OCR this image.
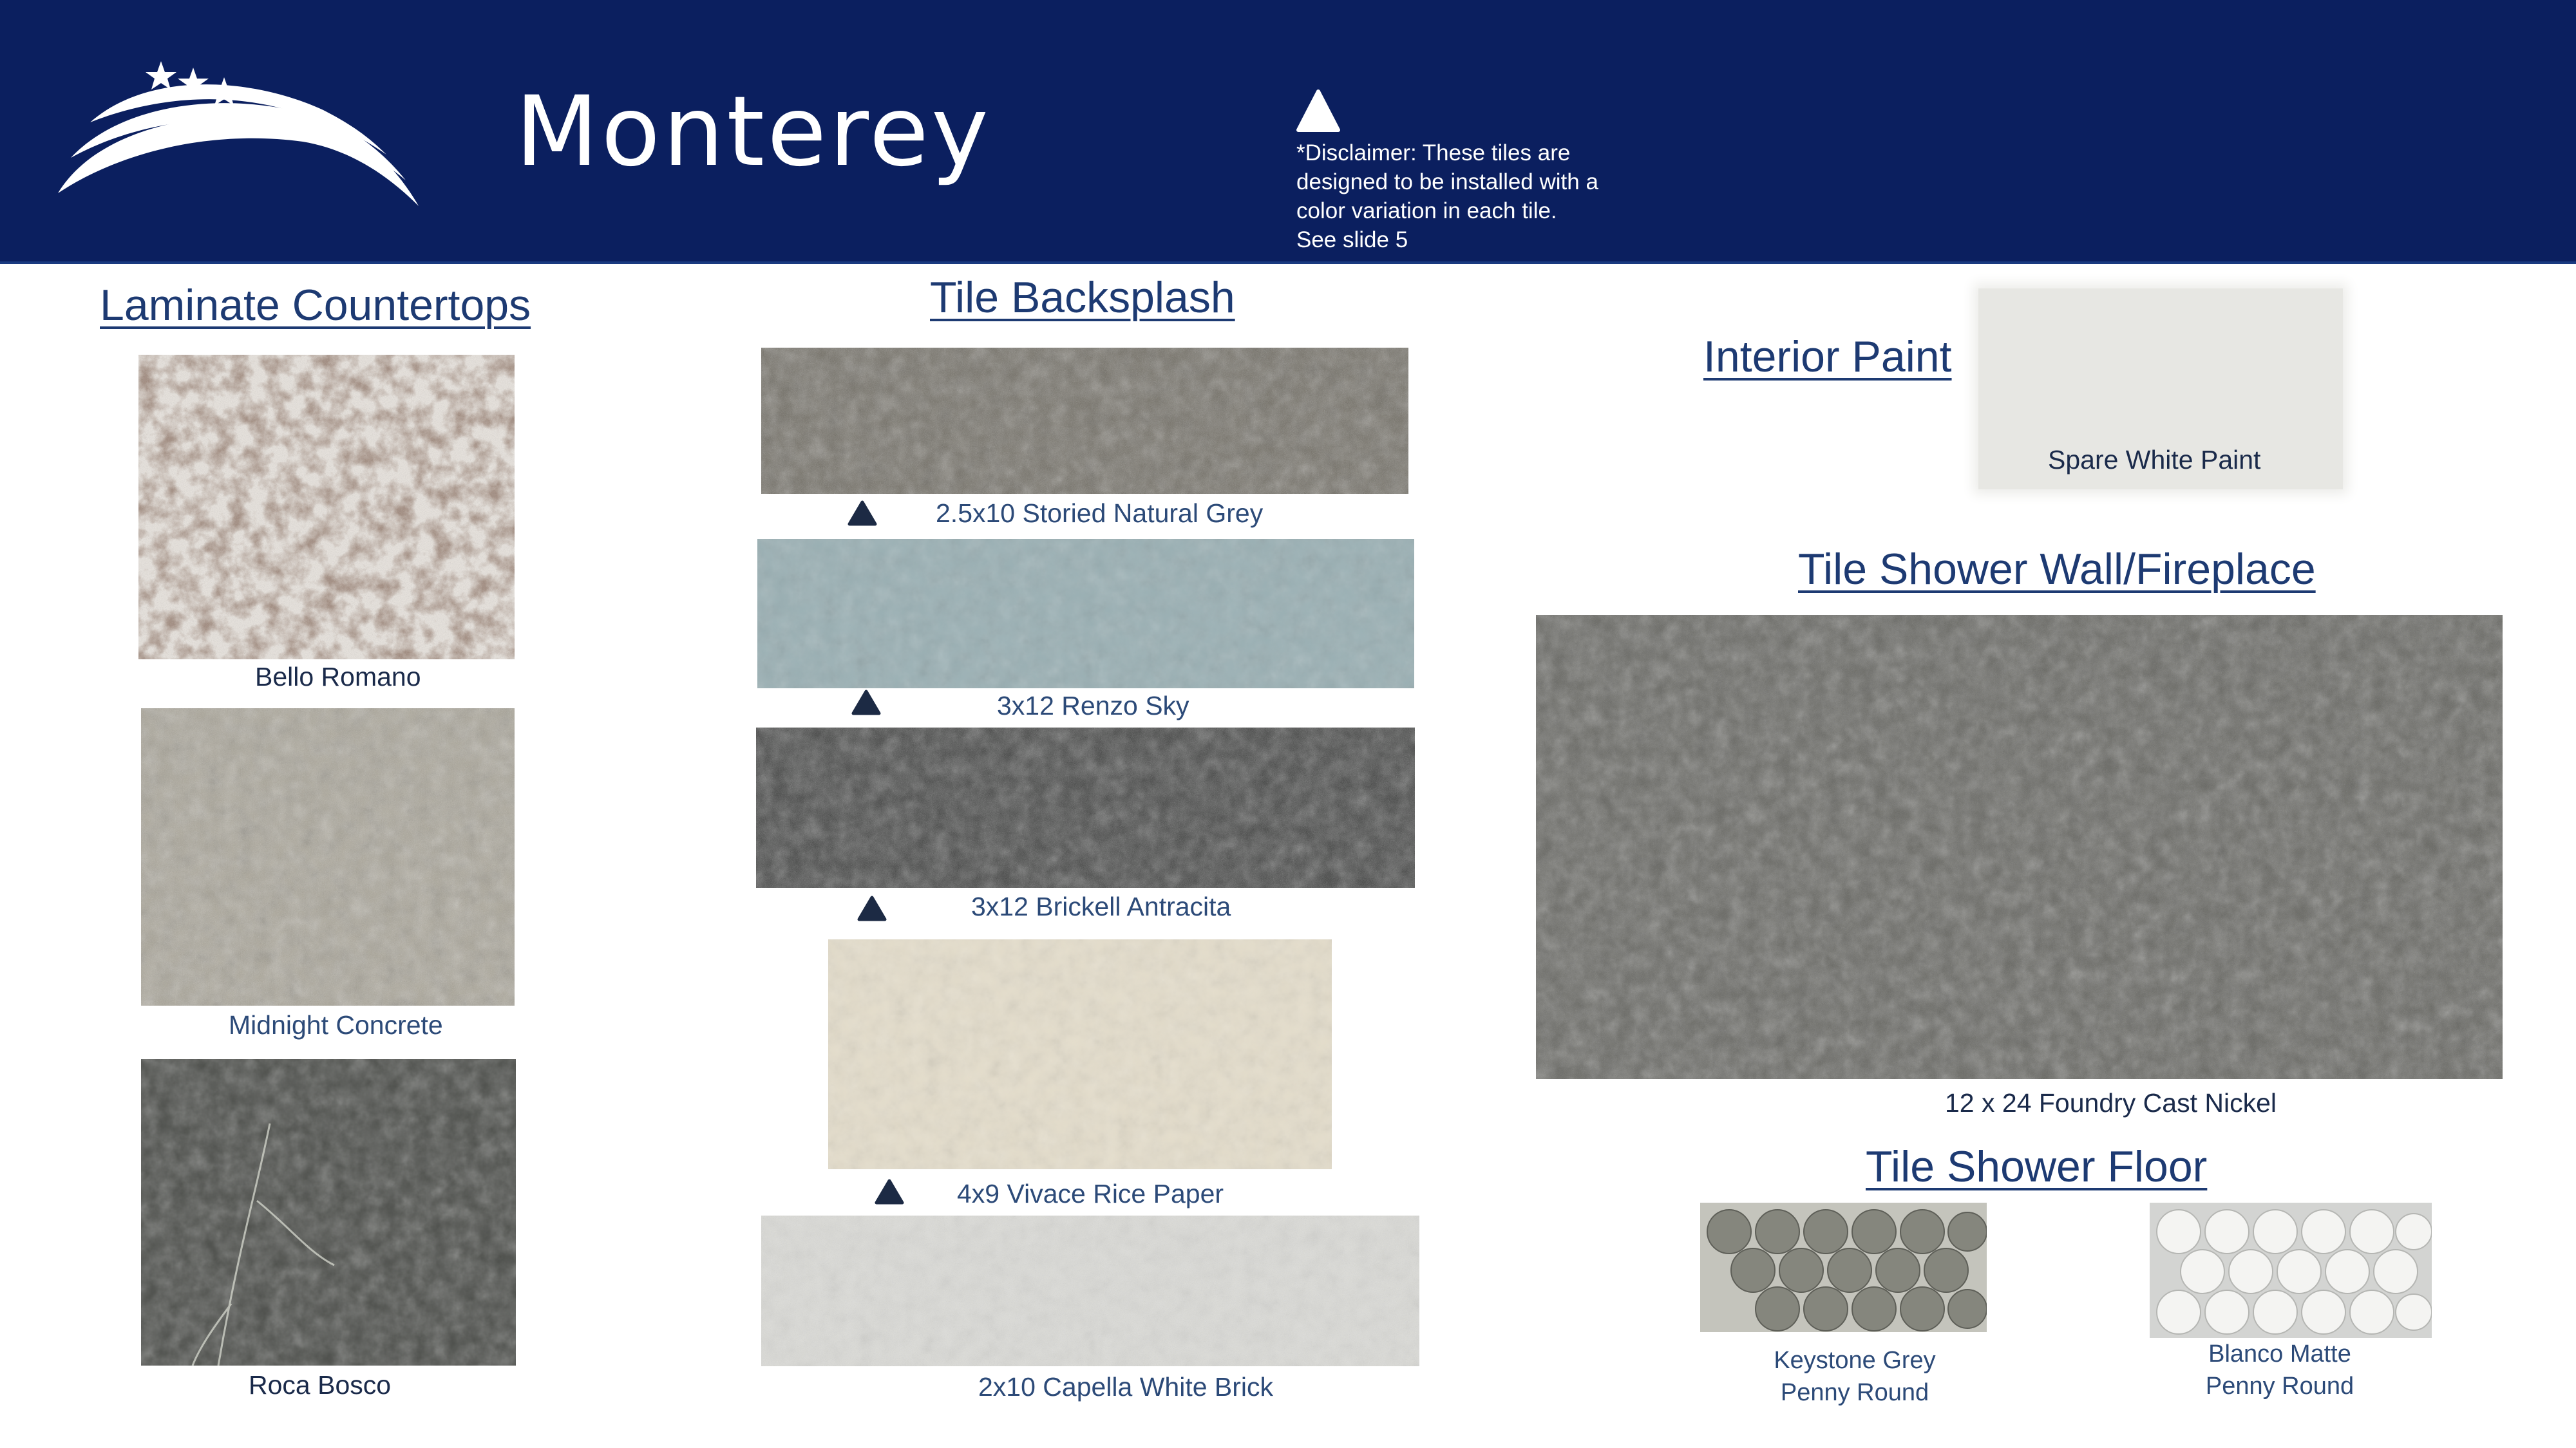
Monterey	*Disclaimer: These tiles are designed to be installed with a color variation in each tile. See slide 5
Laminate Countertops
Bello Romano
Midnight Concrete
Roca Bosco
Tile Backsplash
2.5x10 Storied Natural Grey
3x12 Renzo Sky
3x12 Brickell Antracita
4x9 Vivace Rice Paper
2x10 Capella White Brick
Interior Paint
Spare White Paint
Tile Shower Wall/Fireplace
12 x 24 Foundry Cast Nickel
Tile Shower Floor
Keystone Grey
Penny Round
Blanco Matte
Penny Round
